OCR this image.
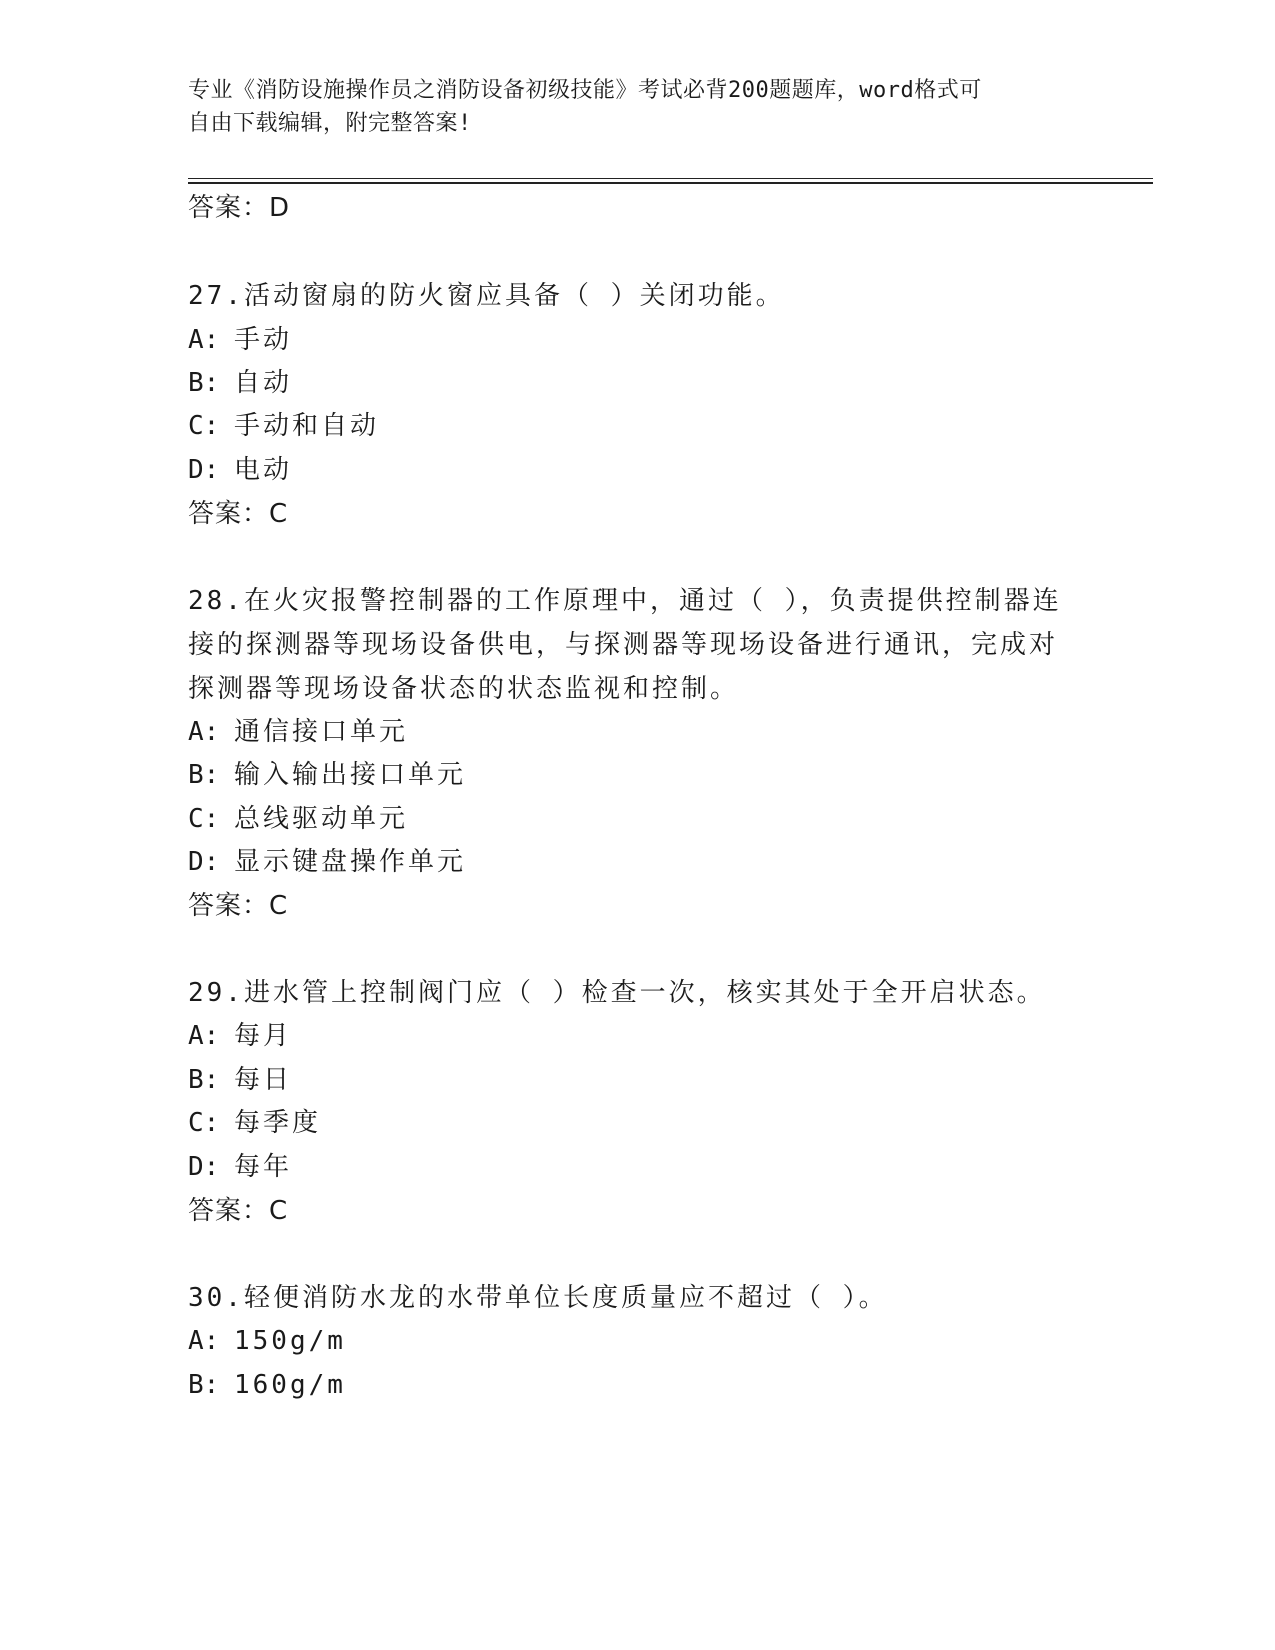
专业《消防设施操作员之消防设备初级技能》考试必背200题题库，word格式可
自由下载编辑，附完整答案!
答案：D
27.活动窗扇的防火窗应具备（ ）关闭功能。
A: 手动
B: 自动
C: 手动和自动
D: 电动
答案：C
28.在火灾报警控制器的工作原理中，通过（ ），负责提供控制器连
接的探测器等现场设备供电，与探测器等现场设备进行通讯，完成对
探测器等现场设备状态的状态监视和控制。
A: 通信接口单元
B: 输入输出接口单元
C: 总线驱动单元
D: 显示键盘操作单元
答案：C
29.进水管上控制阀门应（ ）检查一次，核实其处于全开启状态。
A: 每月
B: 每日
C: 每季度
D: 每年
答案：C
30.轻便消防水龙的水带单位长度质量应不超过（ ）。
A: 150g/m
B: 160g/m
